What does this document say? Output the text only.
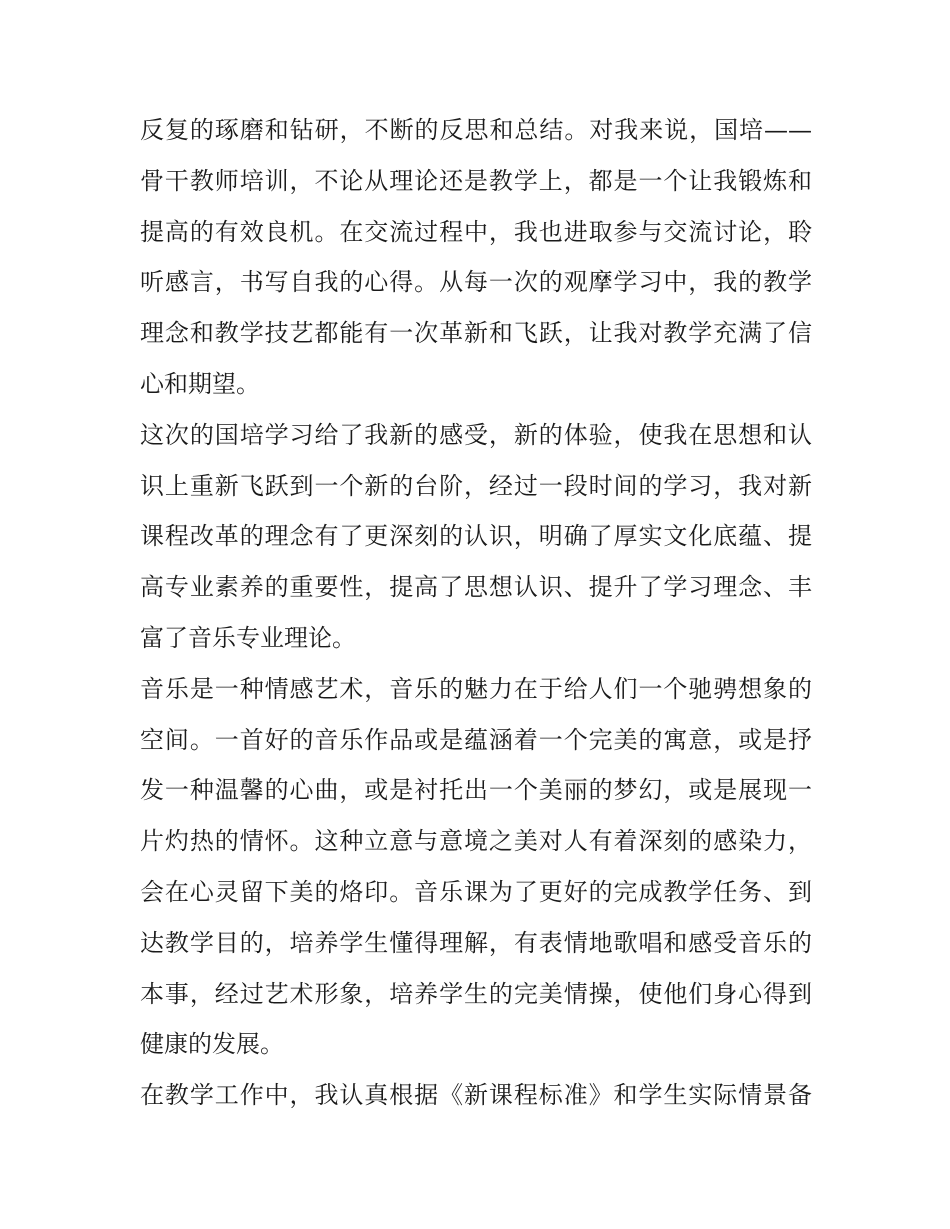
反复的琢磨和钻研，不断的反思和总结。对我来说，国培——
骨干教师培训，不论从理论还是教学上，都是一个让我锻炼和
提高的有效良机。在交流过程中，我也进取参与交流讨论，聆
听感言，书写自我的心得。从每一次的观摩学习中，我的教学
理念和教学技艺都能有一次革新和飞跃，让我对教学充满了信
心和期望。
这次的国培学习给了我新的感受，新的体验，使我在思想和认
识上重新飞跃到一个新的台阶，经过一段时间的学习，我对新
课程改革的理念有了更深刻的认识，明确了厚实文化底蕴、提
高专业素养的重要性，提高了思想认识、提升了学习理念、丰
富了音乐专业理论。
音乐是一种情感艺术，音乐的魅力在于给人们一个驰骋想象的
空间。一首好的音乐作品或是蕴涵着一个完美的寓意，或是抒
发一种温馨的心曲，或是衬托出一个美丽的梦幻，或是展现一
片灼热的情怀。这种立意与意境之美对人有着深刻的感染力，
会在心灵留下美的烙印。音乐课为了更好的完成教学任务、到
达教学目的，培养学生懂得理解，有表情地歌唱和感受音乐的
本事，经过艺术形象，培养学生的完美情操，使他们身心得到
健康的发展。
在教学工作中，我认真根据《新课程标准》和学生实际情景备
